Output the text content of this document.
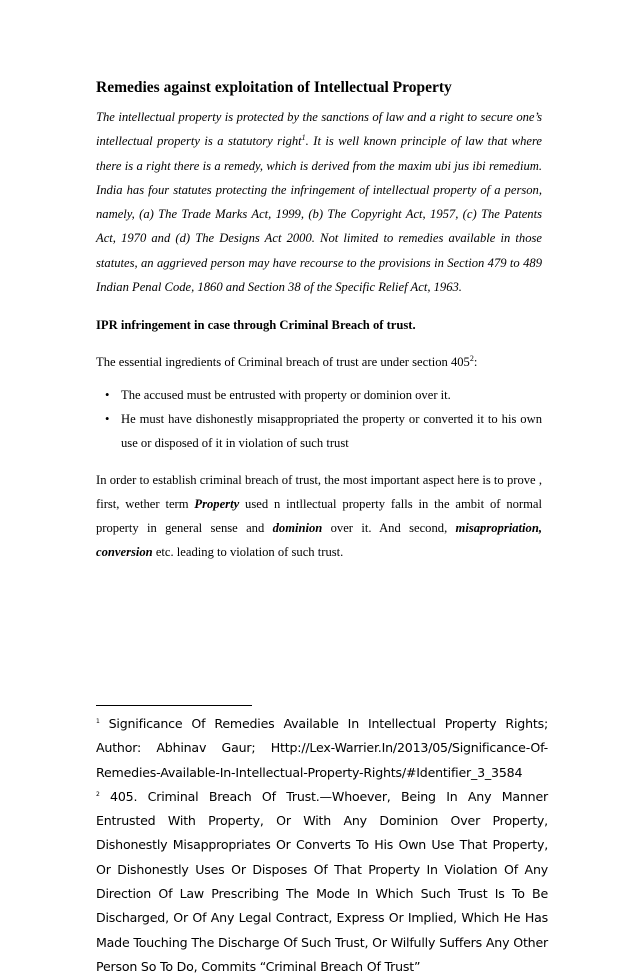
Remedies against exploitation of Intellectual Property

The intellectual property is protected by the sanctions of law and a right to secure one’s intellectual property is a statutory right$^1$. It is well known principle of law that where there is a right there is a remedy, which is derived from the maxim ubi jus ibi remedium. India has four statutes protecting the infringement of intellectual property of a person, namely, (a) The Trade Marks Act, 1999, (b) The Copyright Act, 1957, (c) The Patents Act, 1970 and (d) The Designs Act 2000. Not limited to remedies available in those statutes, an aggrieved person may have recourse to the provisions in Section 479 to 489 Indian Penal Code, 1860 and Section 38 of the Specific Relief Act, 1963.

IPR infringement in case through Criminal Breach of trust.

The essential ingredients of Criminal breach of trust are under section $405^2$:

• The accused must be entrusted with property or dominion over it.
• He must have dishonestly misappropriated the property or converted it to his own use or disposed of it in violation of such trust

In order to establish criminal breach of trust, the most important aspect here is to prove , first, wether term Property used n intllectual property falls in the ambit of normal property in general sense and dominion over it. And second, misapropriation, conversion etc. leading to violation of such trust.

$^1$ Significance Of Remedies Available In Intellectual Property Rights; Author: Abhinav Gaur; Http://Lex-Warrier.In/2013/05/Significance-Of-Remedies-Available-In-Intellectual-Property-Rights/#Identifier_3_3584

$^2$ 405. Criminal Breach Of Trust.—Whoever, Being In Any Manner Entrusted With Property, Or With Any Dominion Over Property, Dishonestly Misappropriates Or Converts To His Own Use That Property, Or Dishonestly Uses Or Disposes Of That Property In Violation Of Any Direction Of Law Prescribing The Mode In Which Such Trust Is To Be Discharged, Or Of Any Legal Contract, Express Or Implied, Which He Has Made Touching The Discharge Of Such Trust, Or Wilfully Suffers Any Other Person So To Do, Commits “Criminal Breach Of Trust”
